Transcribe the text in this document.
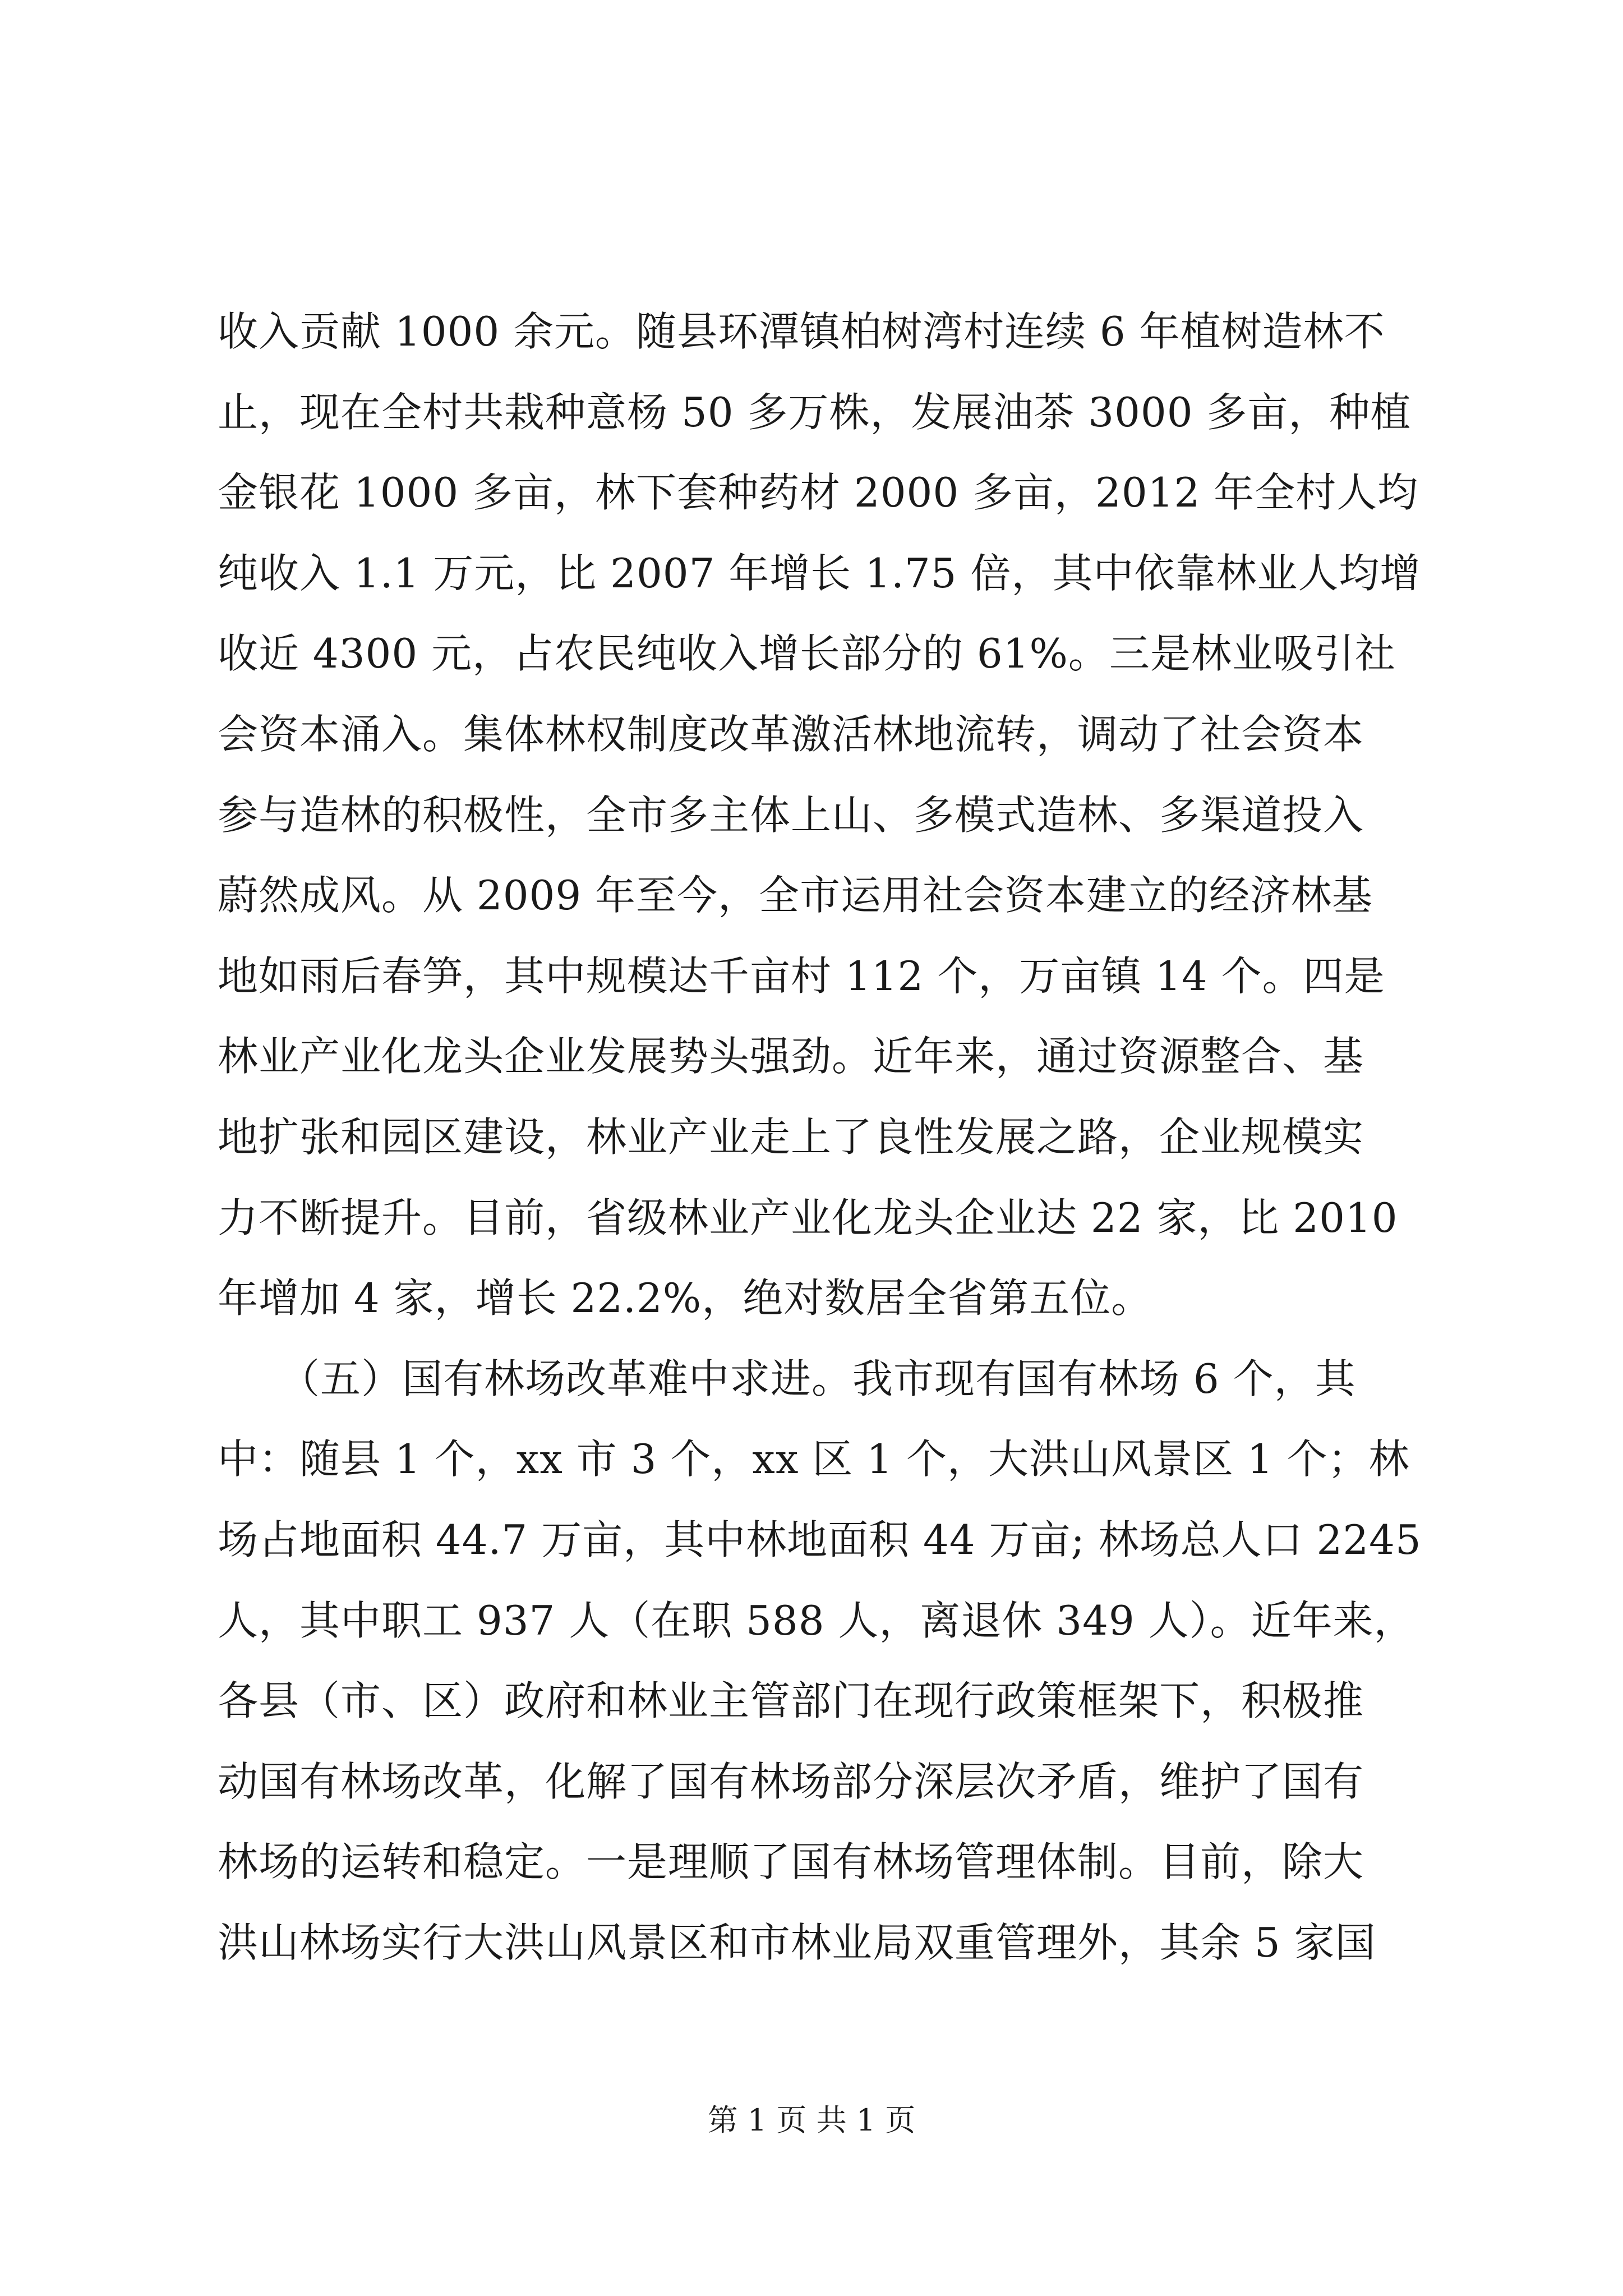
收入贡献 1000 余元。随县环潭镇柏树湾村连续 6 年植树造林不
止，现在全村共栽种意杨 50 多万株，发展油茶 3000 多亩，种植
金银花 1000 多亩，林下套种药材 2000 多亩，2012 年全村人均
纯收入 1.1 万元，比 2007 年增长 1.75 倍，其中依靠林业人均增
收近 4300 元，占农民纯收入增长部分的 61%。三是林业吸引社
会资本涌入。集体林权制度改革激活林地流转，调动了社会资本
参与造林的积极性，全市多主体上山、多模式造林、多渠道投入
蔚然成风。从 2009 年至今，全市运用社会资本建立的经济林基
地如雨后春笋，其中规模达千亩村 112 个，万亩镇 14 个。四是
林业产业化龙头企业发展势头强劲。近年来，通过资源整合、基
地扩张和园区建设，林业产业走上了良性发展之路，企业规模实
力不断提升。目前，省级林业产业化龙头企业达 22 家，比 2010
年增加 4 家，增长 22.2%，绝对数居全省第五位。
　　（五）国有林场改革难中求进。我市现有国有林场 6 个，其
中：随县 1 个，xx 市 3 个，xx 区 1 个，大洪山风景区 1 个；林
场占地面积 44.7 万亩，其中林地面积 44 万亩; 林场总人口 2245
人，其中职工 937 人（在职 588 人，离退休 349 人）。近年来，
各县（市、区）政府和林业主管部门在现行政策框架下，积极推
动国有林场改革，化解了国有林场部分深层次矛盾，维护了国有
林场的运转和稳定。一是理顺了国有林场管理体制。目前，除大
洪山林场实行大洪山风景区和市林业局双重管理外，其余 5 家国
第 1 页 共 1 页
